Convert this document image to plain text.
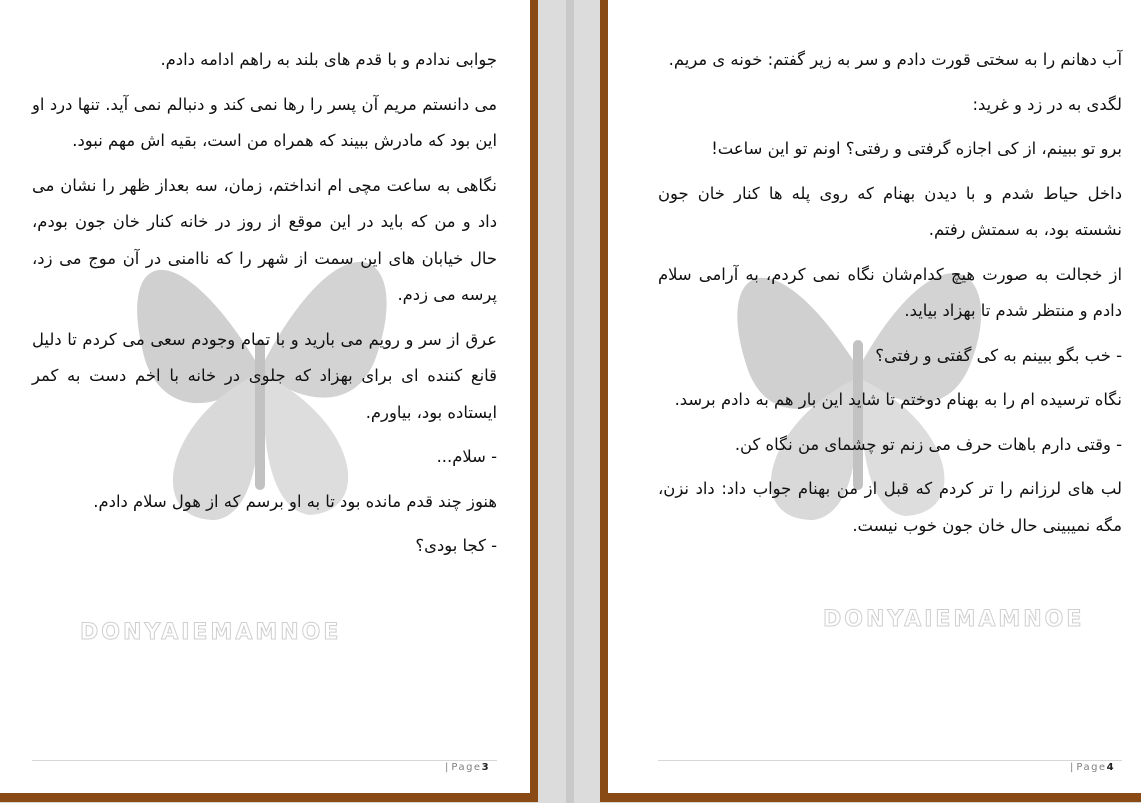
جوابی ندادم و با قدم های بلند به راهم ادامه دادم.

می دانستم مریم آن پسر را رها نمی کند و دنبالم نمی آید. تنها درد او این بود که مادرش ببیند که همراه من است، بقیه اش مهم نبود.

نگاهی به ساعت مچی ام انداختم، زمان، سه بعداز ظهر را نشان می داد و من که باید در این موقع از روز در خانه کنار خان جون بودم، حال خیابان های این سمت از شهر را که ناامنی در آن موج می زد، پرسه می زدم.

عرق از سر و رویم می بارید و با تمام وجودم سعی می کردم تا دلیل قانع کننده ای برای بهزاد که جلوی در خانه با اخم دست به کمر ایستاده بود، بیاورم.

- سلام...

هنوز چند قدم مانده بود تا به او برسم که از هول سلام دادم.

- کجا بودی؟

DONYAIEMAMNOE
| Page3

آب دهانم را به سختی قورت دادم و سر به زیر گفتم: خونه ی مریم.

لگدی به در زد و غرید:

برو تو ببینم، از کی اجازه گرفتی و رفتی؟ اونم تو این ساعت!

داخل حیاط شدم و با دیدن بهنام که روی پله ها کنار خان جون نشسته بود، به سمتش رفتم.

از خجالت به صورت هیچ کدام‌شان نگاه نمی کردم، به آرامی سلام دادم و منتظر شدم تا بهزاد بیاید.

- خب بگو ببینم به کی گفتی و رفتی؟

نگاه ترسیده ام را به بهنام دوختم تا شاید این بار هم به دادم برسد.

- وقتی دارم باهات حرف می زنم تو چشمای من نگاه کن.

لب های لرزانم را تر کردم که قبل از من بهنام جواب داد: داد نزن، مگه نمیبینی حال خان جون خوب نیست.

DONYAIEMAMNOE
| Page4
